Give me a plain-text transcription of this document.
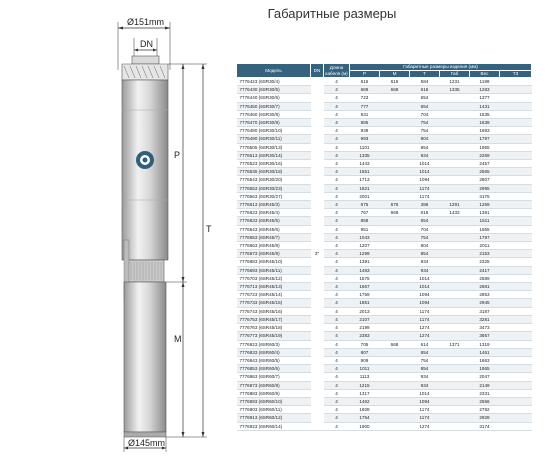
Габаритные размеры
Ø151mm
DN
P
T
M
Ø145mm
Модель	DN	Длина кабеля (м)	Габаритные размеры изделия (мм)					
			P	M	T	Габ	Вес	ТЗ
7776423 (6SR30/4)	3"	4	615	616	584	1231	1199	
7776430 (6SR30/5)		4	669	668	616	1335	1283	
7776440 (6SR30/6)		4	723		654		1377	
7776450 (6SR30/7)		4	777		654		1431	
7776460 (6SR30/8)		4	831		704		1535	
7776470 (6SR30/9)		4	885		754		1639	
7776480 (6SR30/10)		4	939		754		1693	
7776490 (6SR30/11)		4	993		804		1797	
7776505 (6SR30/13)		4	1101		854		1955	
7776513 (6SR30/14)		4	1335		934		2269	
7776523 (6SR30/16)		4	1443		1014		2457	
7776535 (6SR30/18)		4	1551		1014		2565	
7776543 (6SR30/20)		4	1713		1094		2807	
7776553 (6SR30/23)		4	1821		1174		2995	
7776563 (6SR30/27)		4	2001		1174		3175	
7776613 (6SR45/3)		4	675	676	386	1291	1259	
7776623 (6SR45/4)		4	767	668	616	1433	1381	
7776633 (6SR45/5)		4	858		654		1511	
7776643 (6SR45/6)		4	951		704		1655	
7776653 (6SR45/7)		4	1043		754		1797	
7776663 (6SR45/8)		4	1207		804		2011	
7776673 (6SR45/9)		4	1299		854		2153	
7776683 (6SR45/10)		4	1391		934		2325	
7776693 (6SR45/11)		4	1483		934		2417	
7776703 (6SR45/12)		4	1575		1014		2589	
7776713 (6SR45/13)		4	1667		1014		2681	
7776723 (6SR45/14)		4	1759		1094		2853	
7776733 (6SR45/15)		4	1851		1094		2945	
7776743 (6SR45/16)		4	2013		1174		3187	
7776753 (6SR45/17)		4	2107		1174		3281	
7776763 (6SR45/18)		4	2199		1274		3473	
7776773 (6SR45/19)		4	2383		1274		3657	
7776823 (6SR60/3)		4	705	668	614	1371	1319	
7776833 (6SR60/4)		4	807		654		1461	
7776843 (6SR60/5)		4	909		754		1663	
7776853 (6SR60/6)		4	1011		854		1865	
7776863 (6SR60/7)		4	1113		934		2047	
7776873 (6SR60/8)		4	1215		934		2149	
7776883 (6SR60/9)		4	1317		1014		2331	
7776893 (6SR60/10)		4	1462		1094		2556	
7776903 (6SR60/11)		4	1608		1174		2782	
7776913 (6SR60/12)		4	1754		1174		2928	
7776923 (6SR60/14)		4	1900		1274		3174	
